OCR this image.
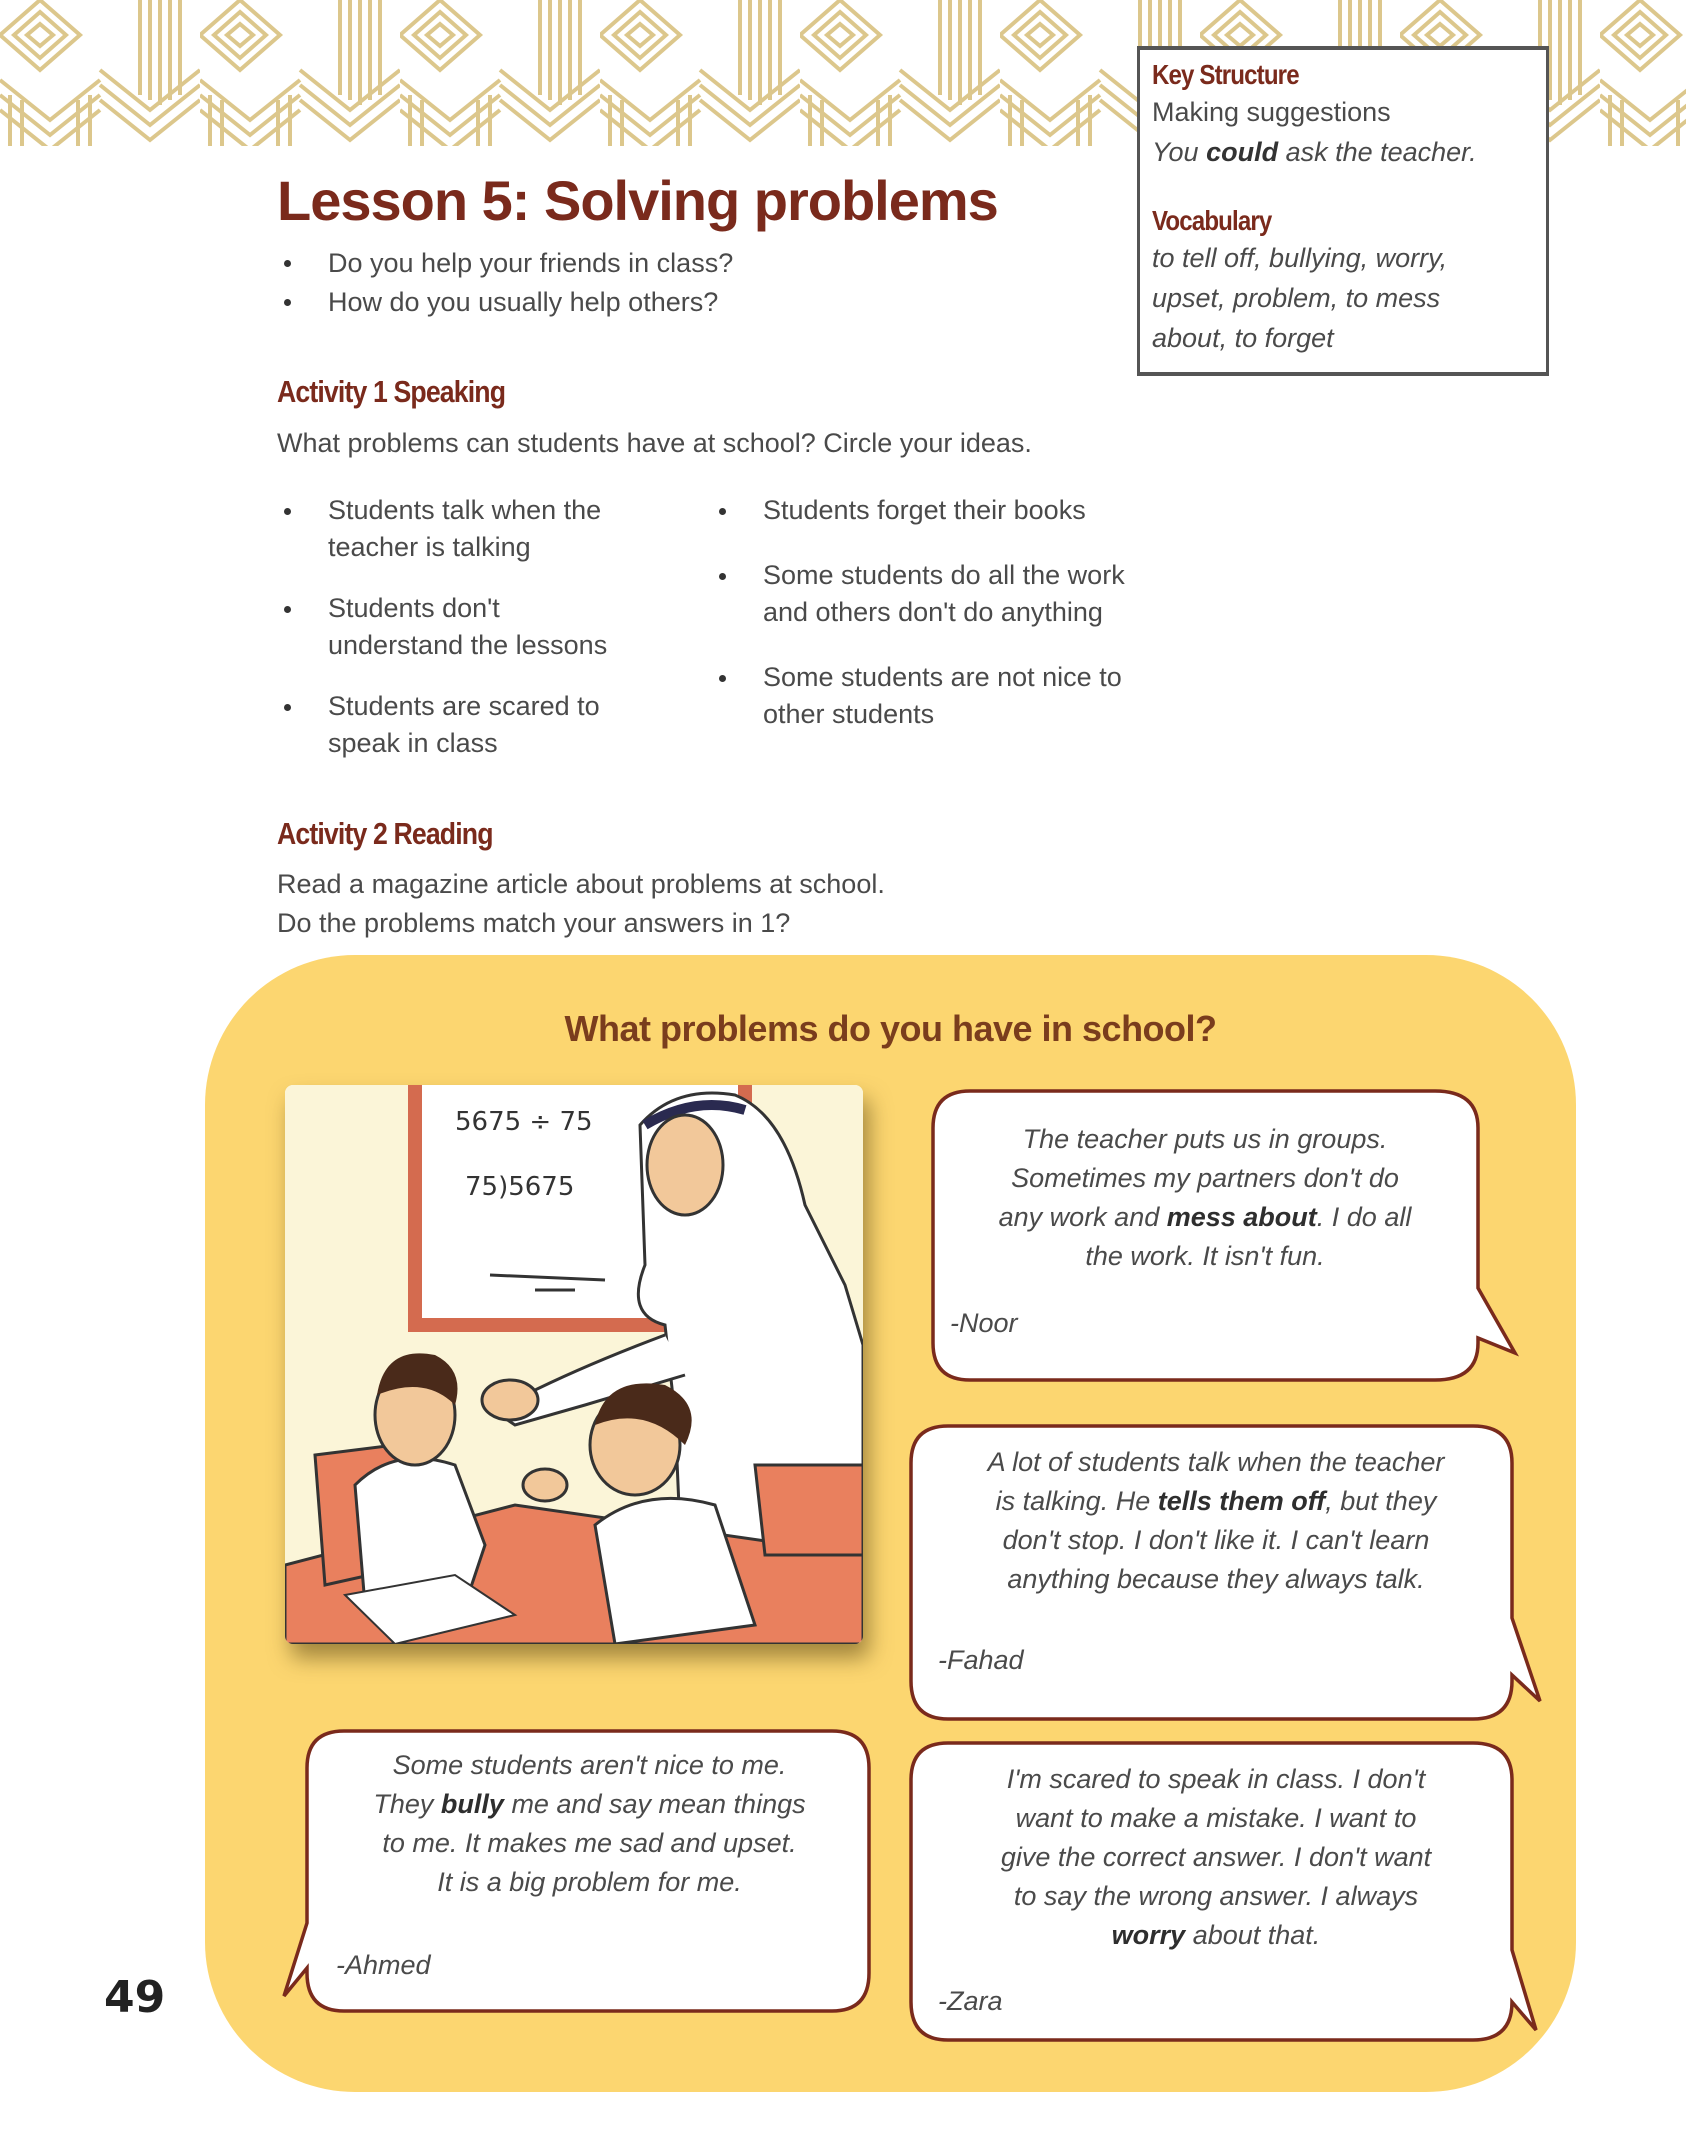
Key Structure
Making suggestions
You could ask the teacher.
Vocabulary
to tell off, bullying, worry,
upset, problem, to mess
about, to forget
Lesson 5: Solving problems
Do you help your friends in class?
How do you usually help others?
Activity 1 Speaking
What problems can students have at school? Circle your ideas.
Students talk when the
teacher is talking
Students don't
understand the lessons
Students are scared to
speak in class
Students forget their books
Some students do all the work
and others don't do anything
Some students are not nice to
other students
Activity 2 Reading
Read a magazine article about problems at school.
Do the problems match your answers in 1?
What problems do you have in school?
5675 ÷ 75
75)5675
The teacher puts us in groups.
Sometimes my partners don't do
any work and mess about. I do all
the work. It isn't fun.
-Noor
A lot of students talk when the teacher
is talking. He tells them off, but they
don't stop. I don't like it. I can't learn
anything because they always talk.
-Fahad
Some students aren't nice to me.
They bully me and say mean things
to me. It makes me sad and upset.
It is a big problem for me.
-Ahmed
I'm scared to speak in class. I don't
want to make a mistake. I want to
give the correct answer. I don't want
to say the wrong answer. I always
worry about that.
-Zara
49
